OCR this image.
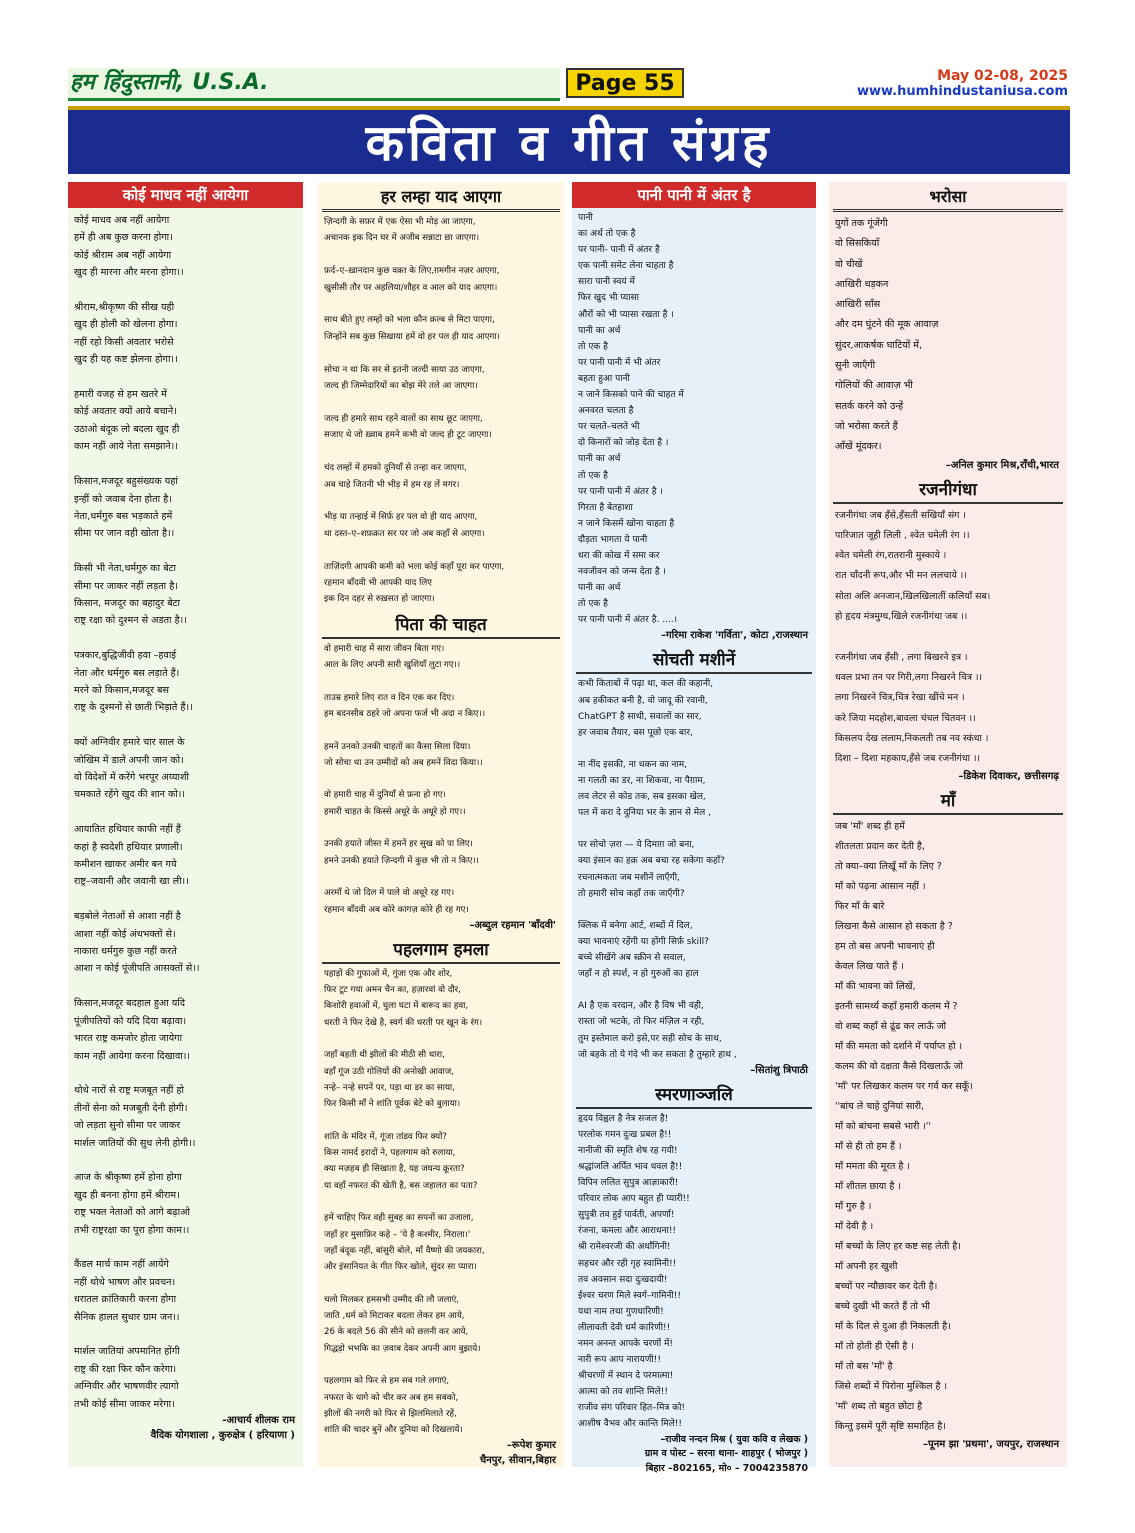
हम हिंदुस्तानी, U.S.A.	Page 55	May 02-08, 2025
www.humhindustaniusa.com
कविता व गीत संग्रह
कोई माधव नहीं आयेगा
कोई माधव अब नहीं आयेगा
हमें ही अब कुछ करना होगा।
कोई श्रीराम अब नहीं आयेगा
खुद ही मारना और मरना होगा।।

श्रीराम,श्रीकृष्ण की सीख यही
खुद ही होली को खेलना होगा।
नहीं रहो किसी अवतार भरोसे
खुद ही यह कष्ट झेलना होगा।।

हमारी वजह से हम खतरे में
कोई अवतार क्यों आये बचाने।
उठाओ बंदूक लो बदला खुद ही
काम नहीं आये नेता समझाने।।

किसान,मजदूर बहुसंख्यक यहां
इन्हीं को जवाब देना होता है।
नेता,धर्मगुरु बस भड़काते हमें
सीमा पर जान वही खोता है।।

किसी भी नेता,धर्मगुरु का बेटा
सीमा पर जाकर नहीं लड़ता है।
किसान, मजदूर का बहादुर बेटा
राष्ट्र रक्षा को दुश्मन से अडता है।।

पत्रकार,बुद्धिजीवी हवा –हवाई
नेता और धर्मगुरु बस लड़ाते हैं।
मरने को किसान,मजदूर बस
राष्ट्र के दुश्मनों से छाती भिड़ाते हैं।।

क्यों अग्निवीर हमारे चार साल के
जोखिम में डालें अपनी जान को।
वो विदेशों में करेंगे भरपूर अय्याशी
चमकाते रहेंगे खुद की शान को।।

आयातित हथियार काफी नहीं हैं
कहां है स्वदेशी हथियार प्रणाली।
कमीशन खाकर अमीर बन गये
राष्ट्र–जवानी और जवानी खा ली।।

बड़बोले नेताओं से आशा नहीं है
आशा नहीं कोई अंधभक्तों से।
नाकारा धर्मगुरु कुछ नहीं करते
आशा न कोई पूंजीपति आसक्तों से।।

किसान,मजदूर बदहाल हुआ यदि
पूंजीपतियों को यदि दिया बढ़ावा।
भारत राष्ट्र कमजोर होता जायेगा
काम नहीं आयेगा करना दिखावा।।

थोथे नारों से राष्ट्र मजबूत नहीं हो
तीनों सेना को मजबूती देनी होगी।
जो लड़ता सुनो सीमा पर जाकर
मार्शल जातियों की सुध लेनी होगी।।

आज के श्रीकृष्ण हमें होना होगा
खुद ही बनना होगा हमें श्रीराम।
राष्ट्र भक्त नेताओं को आगे बढ़ाओ
तभी राष्ट्ररक्षा का पूरा होगा काम।।

कैंडल मार्च काम नहीं आयेंगे
नहीं थोथे भाषण और प्रवचन।
धरातल क्रांतिकारी करना होगा
सैनिक हालत सुधार ग्राम जन।।

मार्शल जातियां अपमानित होंगी
राष्ट्र की रक्षा फिर कौन करेगा।
अग्निवीर और भाषणवीर त्यागो
तभी कोई सीमा जाकर मरेगा।
-आचार्य शीलक राम
वैदिक योगशाला , कुरुक्षेत्र ( हरियाणा )
हर लम्हा याद आएगा
ज़िन्दगी के सफ़र में एक ऐसा भी मोड़ आ जाएगा,
अचानक इक दिन घर में अजीब सन्नाटा छा जाएगा।

फ़र्द–ए–ख़ानदान कुछ वक़्त के लिए,ग़मगीन नज़र आएगा,
खुसीसी तौर पर अहलिया/शौहर व आल को याद आएगा।

साथ बीते हुए लम्हों को भला कौन क़ल्ब से मिटा पाएगा,
जिन्होंने सब कुछ सिखाया हमें वो हर पल ही याद आएगा।

सोचा न था कि सर से इतनी जल्दी साया उठ जाएगा,
जल्द ही जिम्मेदारियों का बोझ मेरे तले आ जाएगा।

जल्द ही हमारे साथ रहने वालों का साथ छूट जाएगा,
सजाए थे जो ख़्वाब हमने कभी वो जल्द ही टूट जाएगा।

चंद लम्हों में हमको दुनियाँ से तन्हा कर जाएगा,
अब चाहे जितनी भी भीड़ में हम रह लें मगर।

भीड़ या तन्हाई में सिर्फ़ हर पल वो ही याद आएगा,
था दस्त–ए–शफ़क़त सर पर जो अब कहाँ से आएगा।

ताज़िंदगी आपकी कमी को भला कोई कहाँ पूरा कर पाएगा,
रहमान बाँदवी भी आपकी याद लिए
इक दिन दहर से रुख़सत हो जाएगा।
पिता की चाहत
वो हमारी चाह में सारा जीवन बिता गए।
आल के लिए अपनी सारी खुशियाँ लुटा गए।।

ताउम्र हमारे लिए रात व दिन एक कर दिए।
हम बदनसीब ठहरे जो अपना फर्ज भी अदा न किए।।

हमनें उनको उनकी चाहतों का कैसा सिला दिया।
जो सोचा था उन उम्मीदों को अब हमनें विदा किया।।

वो हमारी चाह में दुनियाँ से फ़ना हो गए।
हमारी चाहत के किस्से अधूरे के अधूरे हो गए।।

उनकी हयाते जीस्त में हमनें हर सुख को पा लिए।
हमने उनकी हयाते ज़िन्दगी में कुछ भी तो न किए।।

अरमाँ थे जो दिल में पाले वो अधूरे रह गए।
रहमान बाँदवी अब कोरे कागज़ कोरे ही रह गए।
–अब्दुल रहमान 'बाँदवी'
पहलगाम हमला
पहाड़ों की गुफाओं में, गूंजा एक और शोर,
फिर टूट गया अमन चैन का, हज़ारवां वो दौर,
किशोरी हवाओं में, घुला घटा में बारूद का हवा,
धरती ने फिर देखे है, स्वर्ग की धरती पर खून के रंग।

जहाँ बहती थी झीलों की मीठी सी धारा,
वहाँ गूंज उठी गोलियों की अनोखी आवाज,
नन्हे– नन्हे सपनें पर, पड़ा था डर का साया,
फिर किसी माँ ने शांति पूर्वक बेटे को बुलाया।

शांति के मंदिर में, गूंजा तांडव फिर क्यों?
किस नामर्द इरादों ने, पहलगाम को रुलाया,
क्या मज़हब ही सिखाता है, यह जघन्य क्रूरता?
या वहाँ नफरत की खेती है, बस जहालत का पता?

हमें चाहिए फिर वही सुबह का सपनों का उजाला,
जहाँ हर मुसाफ़िर कहे – 'ये है कश्मीर, निराला।'
जहाँ बंदूक नहीं, बांसुरी बोले, माँ वैष्णो की जयकारा,
और इंसानियत के गीत फिर खोले, सुंदर सा प्यारा।

चलो मिलकर हमसभी उम्मीद की लौ जलाएं,
जाति ,धर्म को मिटाकर बदला लेकर हम आये,
26 के बदले 56 की सीने को छलनी कर आये,
गिद्धड़ो भभकि का ज़वाब देकर अपनी आग बुझाये।

पहलगाम को फिर से हम सब गले लगाएं,
नफरत के धागे को चीर कर अब हम सबको,
झीलों की नगरी को फिर से झिलमिलाते रहें,
शांति की चादर बुनें और दुनिया को दिखलायें।
–रूपेश कुमार
चैनपुर, सीवान,बिहार
पानी पानी में अंतर है
पानी
का अर्थ तो एक है
पर पानी- पानी में अंतर है
एक पानी समेट लेना चाहता है
सारा पानी स्वयं में
फिर खुद भी प्यासा
औरों को भी प्यासा रखता है ।
पानी का अर्थ
तो एक है
पर पानी पानी में भी अंतर
बहता हुआ पानी
न जाने किसको पाने की चाहत में
अनवरत चलता है
पर चलते–चलते भी
दो किनारों को जोड़ देता है ।
पानी का अर्थ
तो एक है
पर पानी पानी में अंतर है ।
गिरता है बेतहाशा
न जाने किसमें खोना चाहता है
दौड़ता भागता ये पानी
धरा की कोख में समा कर
नवजीवन को जन्म देता है ।
पानी का अर्थ
तो एक है
पर पानी पानी में अंतर है. ....।
–गरिमा राकेश 'गर्विता', कोटा ,राजस्थान
सोचती मशीनें
कभी किताबों में पढ़ा था, कल की कहानी,
अब हकीकत बनी है, वो जादू की रवानी,
ChatGPT है साथी, सवालों का सार,
हर जवाब तैयार, बस पूछो एक बार,

ना नींद इसकी, ना थकन का नाम,
ना गलती का डर, ना शिकवा, ना पैग़ाम,
लव लेटर से कोड तक, सब इसका खेल,
पल में करा दे दुनिया भर के ज्ञान से मेल ,

पर सोचो ज़रा — ये दिमाग़ जो बना,
क्या इंसान का हक़ अब बचा रह सकेगा कहाँ?
रचनात्मकता जब मशीनें लाएँगी,
तो हमारी सोच कहाँ तक जाएँगी?

क्लिक में बनेगा आर्ट, शब्दों में दिल,
क्या भावनाएं रहेंगी या होंगी सिर्फ़ skill?
बच्चे सीखेंगे अब स्क्रीन से सवाल,
जहाँ न हो स्पर्श, न हो गुरुओं का हाल

AI है एक वरदान, और है विष भी वही,
रास्ता जो भटके, तो फिर मंज़िल न रही,
तुम इस्तेमाल करो इसे,पर सही सोच के साथ,
जो बहके तो ये गंदे भी कर सकता है तुम्हारे हाथ ,
–सितांशु त्रिपाठी
स्मरणाञ्जलि
हृदय विह्वल है नेत्र सजल है!
परलोक गमन दुःख प्रबल है!!
नानीजी की स्मृति शेष रह गयी!
श्रद्धांजलि अर्पित भाव धवल है!!
विपिन ललित सुपुत्र आज्ञाकारी!
परिवार लोक आप बहुत ही प्यारी!!
सुपुत्री तव हुई पार्वती, अपर्णा!
रंजना, कमला और आराधना!!
श्री रामेश्वरजी की अर्धांगिनी!
सहचर और रही गृह स्वामिनी!!
तव अवसान सदा दुःखदायी!
ईश्वर चरण मिले स्वर्ग–गामिनी!!
यथा नाम तथा गुणधारिणी!
लीलावती देवी धर्म कारिणी!!
नमन अनन्त आपके चरणों में!
नारी रूप आप नारायणी!!
श्रीचरणों में स्थान दे परमात्मा!
आत्मा को तव शान्ति मिले!!
राजीव संग परिवार हित–मित्र को!
आशीष वैभव और कान्ति मिले!!
–राजीव नन्दन मिश्र ( युवा कवि व लेखक )
ग्राम व पोस्ट – सरना थाना- शाहपुर ( भोजपुर )
बिहार –802165, मो० – 7004235870
भरोसा
युगों तक गूंजेंगी
वो सिसकियाँ
वो चीखें
आखिरी धड़कन
आखिरी साँस
और दम घुंटने की मूक आवाज़
सुंदर,आकर्षक घाटियों में,
सुनी जाएँगी
गोलियों की आवाज़ भी
सतर्क करने को उन्हें
जो भरोसा करते हैं
आँखें मूंदकर।
–अनिल कुमार मिश्र,राँची,भारत
रजनीगंधा
रजनीगंधा जब हँसे,हँसती सखियाँ संग ।
पारिजात जूही लिली , श्वेत चमेली रंग ।।
श्वेत चमेली रंग,रातरानी मुस्काये ।
रात चाँदनी रूप,और भी मन ललचाये ।।
सोता अलि अनजान,खिलखिलातीं कलियाँ सब।
हो हृदय मंत्रमुग्ध,खिले रजनीगंधा जब ।।

रजनीगंधा जब हँसी , लगा बिखरने इत्र ।
धवल प्रभा तन पर गिरी,लगा निखरने चित्र ।।
लगा निखरने चित्र,चित्र रेखा खींचे मन ।
करे जिया मदहोश,बावला चंचल चितवन ।।
किसलय देख ललाम,निकलती तब नव स्कंधा ।
दिशा – दिशा महकाय,हँसे जब रजनीगंधा ।।
–डिकेश दिवाकर, छत्तीसगढ़
माँ
जब 'माँ' शब्द ही हमें
शीतलता प्रदान कर देती है,
तो क्या–क्या लिखूँ माँ के लिए ?
माँ को पढ़ना आसान नहीं ।
फिर माँ के बारे
लिखना कैसे आसान हो सकता है ?
हम तो बस अपनी भावनाएं ही
केवल लिख पाते हैं ।
माँ की भावना को लिखें,
इतनी सामर्थ्य कहाँ हमारी कलम में ?
वो शब्द कहाँ से ढूंढ कर लाऊँ जो
माँ की ममता को दर्शाने में पर्याप्त हो ।
कलम की वो दक्षता कैसे दिखलाऊँ जो
'माँ' पर लिखकर कलम पर गर्व कर सकूँ।
''बांच ले चाहे दुनियां सारी,
माँ को बांचना सबसे भारी ।''
माँ से ही तो हम हैं ।
माँ ममता की मूरत है ।
माँ शीतल छाया है ।
माँ गुरु है ।
माँ देवी है ।
माँ बच्चों के लिए हर कष्ट सह लेती है।
माँ अपनी हर खुशी
बच्चों पर न्यौछावर कर देती है।
बच्चे दुखी भी करते हैं तो भी
माँ के दिल से दुआ ही निकलती है।
माँ तो होती ही ऐसी है ।
माँ तो बस 'माँ' है
जिसे शब्दों में पिरोना मुश्किल है ।
'माँ' शब्द तो बहुत छोटा है
किन्तु इसमें पूरी सृष्टि समाहित है।
–पूनम झा 'प्रथमा', जयपुर, राजस्थान
